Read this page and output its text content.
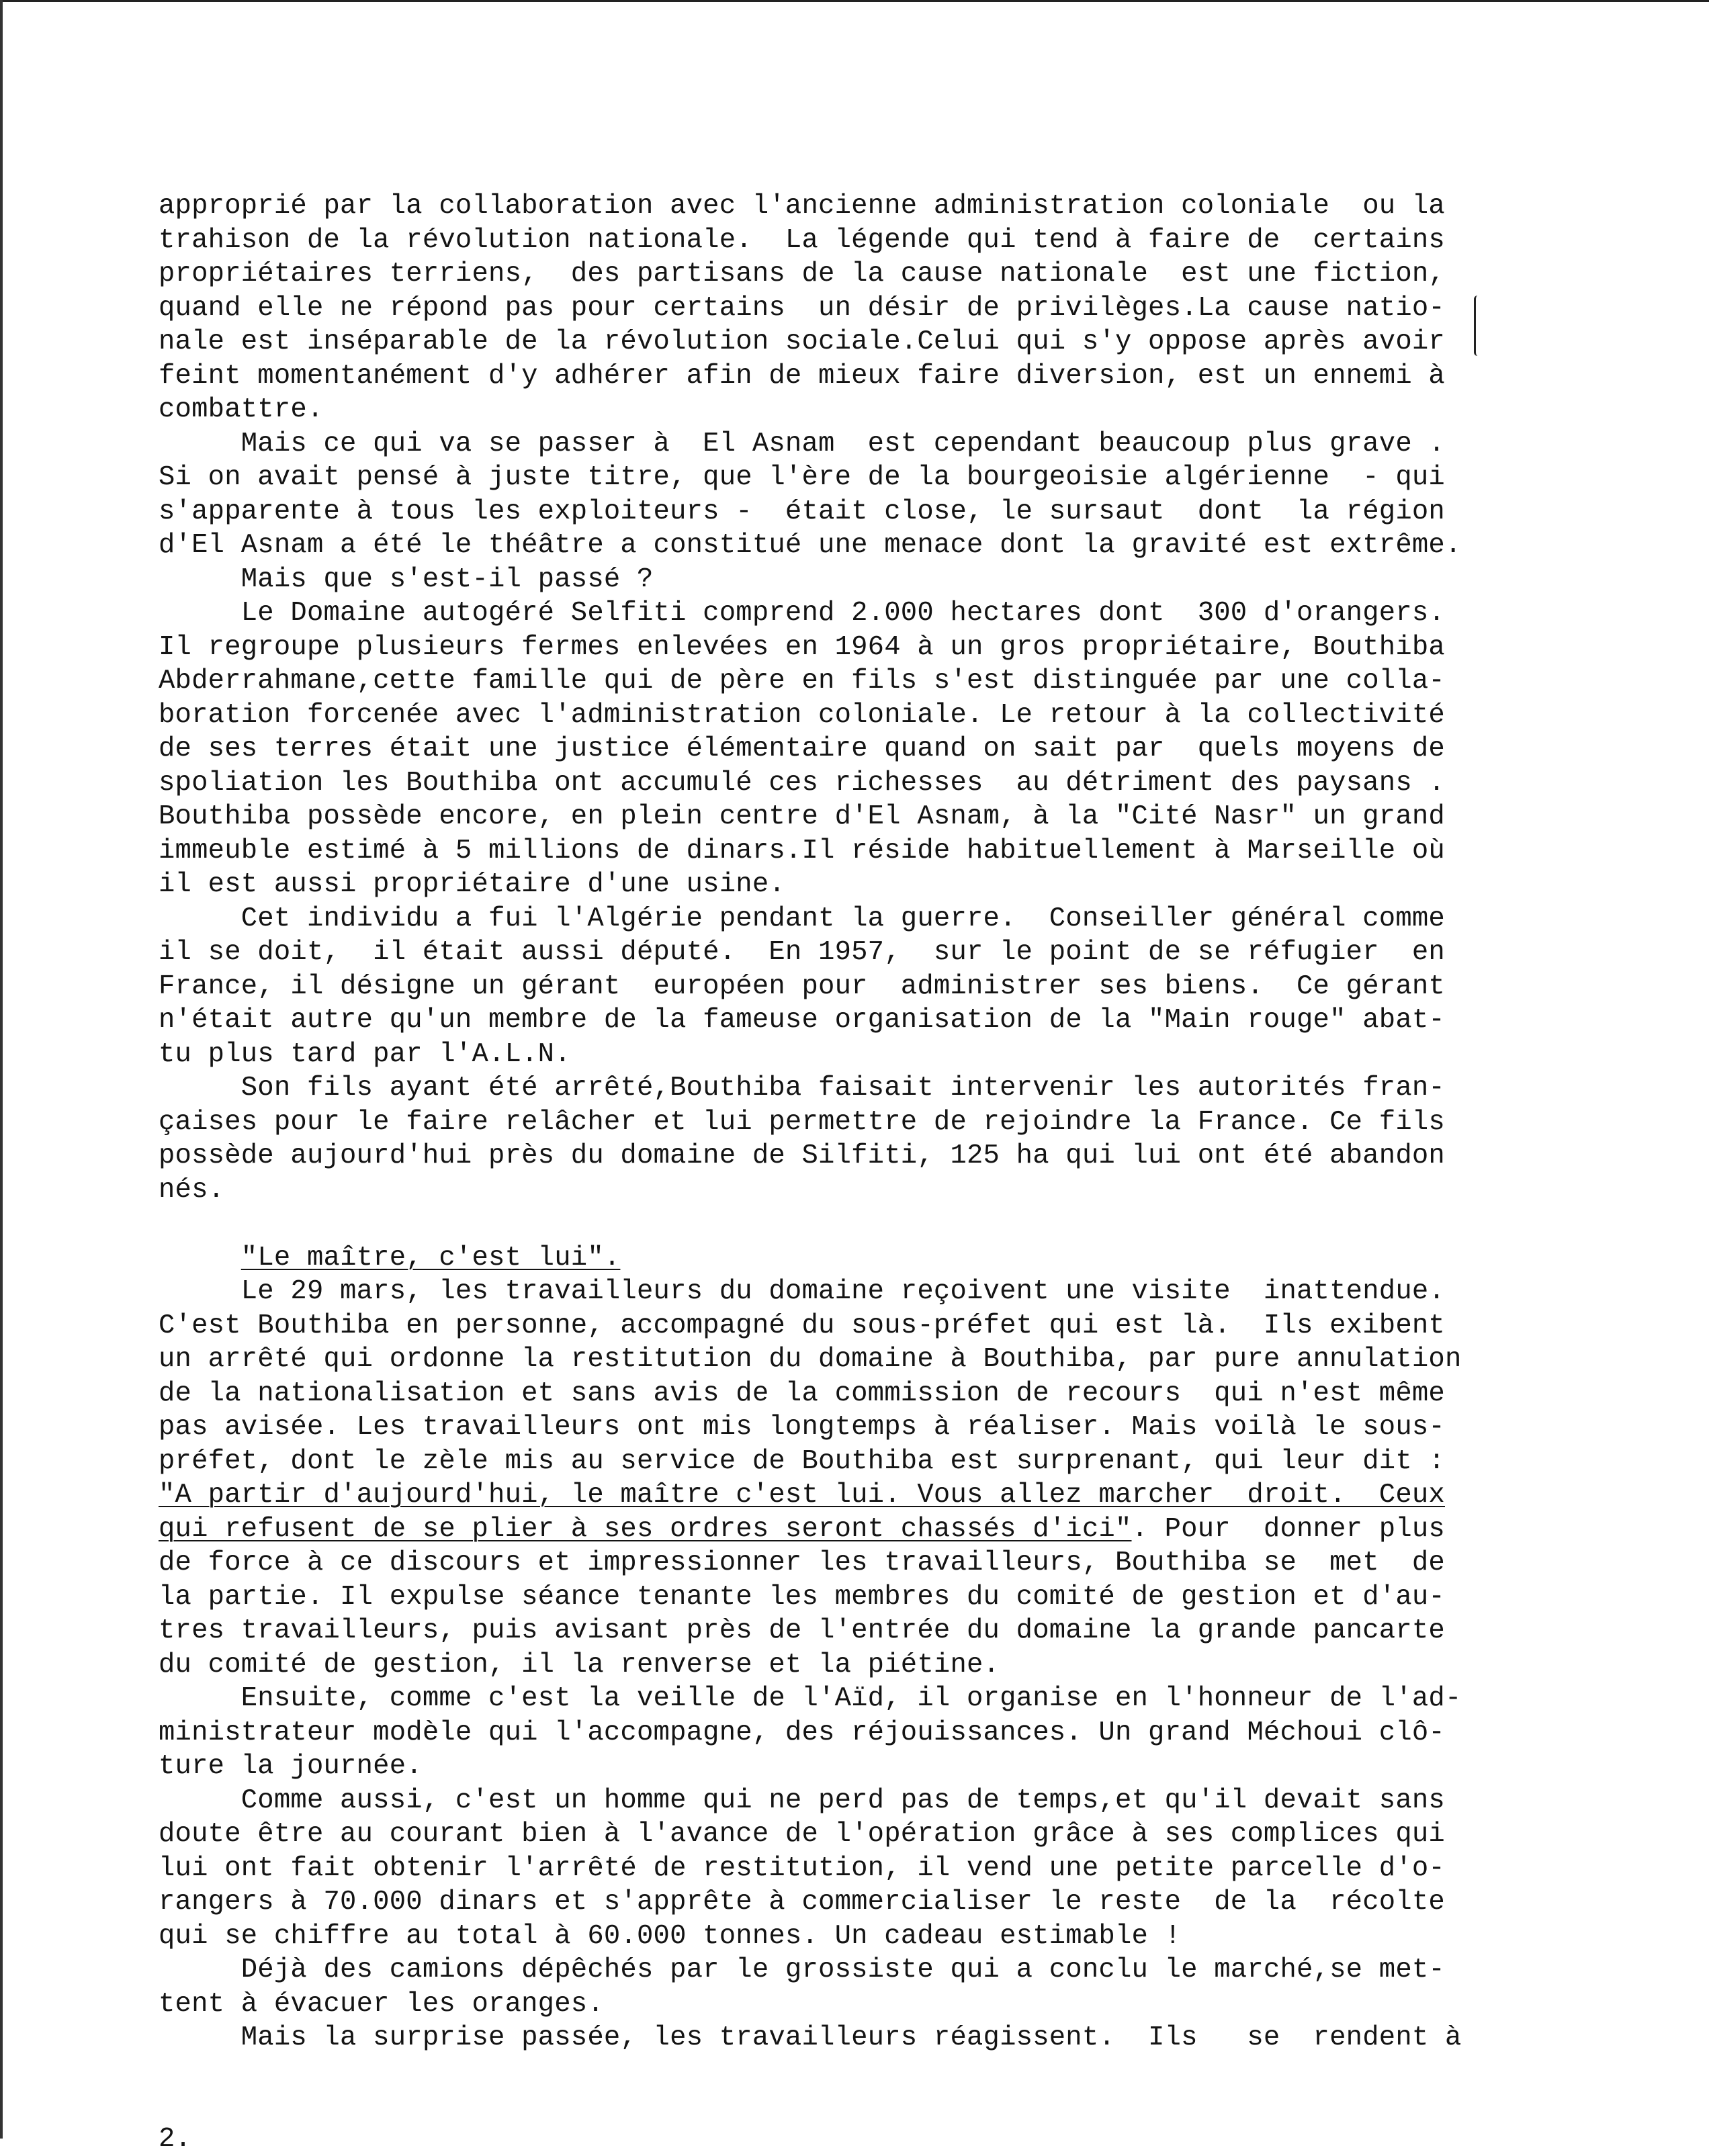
approprié par la collaboration avec l'ancienne administration coloniale  ou la
trahison de la révolution nationale.  La légende qui tend à faire de  certains
propriétaires terriens,  des partisans de la cause nationale  est une fiction,
quand elle ne répond pas pour certains  un désir de privilèges.La cause natio-
nale est inséparable de la révolution sociale.Celui qui s'y oppose après avoir
feint momentanément d'y adhérer afin de mieux faire diversion, est un ennemi à
combattre.
Mais ce qui va se passer à  El Asnam  est cependant beaucoup plus grave .
Si on avait pensé à juste titre, que l'ère de la bourgeoisie algérienne  - qui
s'apparente à tous les exploiteurs -  était close, le sursaut  dont  la région
d'El Asnam a été le théâtre a constitué une menace dont la gravité est extrême.
Mais que s'est-il passé ?
Le Domaine autogéré Selfiti comprend 2.000 hectares dont  300 d'orangers.
Il regroupe plusieurs fermes enlevées en 1964 à un gros propriétaire, Bouthiba
Abderrahmane,cette famille qui de père en fils s'est distinguée par une colla-
boration forcenée avec l'administration coloniale. Le retour à la collectivité
de ses terres était une justice élémentaire quand on sait par  quels moyens de
spoliation les Bouthiba ont accumulé ces richesses  au détriment des paysans .
Bouthiba possède encore, en plein centre d'El Asnam, à la "Cité Nasr" un grand
immeuble estimé à 5 millions de dinars.Il réside habituellement à Marseille où
il est aussi propriétaire d'une usine.
Cet individu a fui l'Algérie pendant la guerre.  Conseiller général comme
il se doit,  il était aussi député.  En 1957,  sur le point de se réfugier  en
France, il désigne un gérant  européen pour  administrer ses biens.  Ce gérant
n'était autre qu'un membre de la fameuse organisation de la "Main rouge" abat-
tu plus tard par l'A.L.N.
Son fils ayant été arrêté,Bouthiba faisait intervenir les autorités fran-
çaises pour le faire relâcher et lui permettre de rejoindre la France. Ce fils
possède aujourd'hui près du domaine de Silfiti, 125 ha qui lui ont été abandon
nés.
"Le maître, c'est lui".
Le 29 mars, les travailleurs du domaine reçoivent une visite  inattendue.
C'est Bouthiba en personne, accompagné du sous-préfet qui est là.  Ils exibent
un arrêté qui ordonne la restitution du domaine à Bouthiba, par pure annulation
de la nationalisation et sans avis de la commission de recours  qui n'est même
pas avisée. Les travailleurs ont mis longtemps à réaliser. Mais voilà le sous-
préfet, dont le zèle mis au service de Bouthiba est surprenant, qui leur dit :
"A partir d'aujourd'hui, le maître c'est lui. Vous allez marcher  droit.  Ceux
qui refusent de se plier à ses ordres seront chassés d'ici". Pour  donner plus
de force à ce discours et impressionner les travailleurs, Bouthiba se  met  de
la partie. Il expulse séance tenante les membres du comité de gestion et d'au-
tres travailleurs, puis avisant près de l'entrée du domaine la grande pancarte
du comité de gestion, il la renverse et la piétine.
Ensuite, comme c'est la veille de l'Aïd, il organise en l'honneur de l'ad-
ministrateur modèle qui l'accompagne, des réjouissances. Un grand Méchoui clô-
ture la journée.
Comme aussi, c'est un homme qui ne perd pas de temps,et qu'il devait sans
doute être au courant bien à l'avance de l'opération grâce à ses complices qui
lui ont fait obtenir l'arrêté de restitution, il vend une petite parcelle d'o-
rangers à 70.000 dinars et s'apprête à commercialiser le reste  de la  récolte
qui se chiffre au total à 60.000 tonnes. Un cadeau estimable !
Déjà des camions dépêchés par le grossiste qui a conclu le marché,se met-
tent à évacuer les oranges.
Mais la surprise passée, les travailleurs réagissent.  Ils   se  rendent à
2.
